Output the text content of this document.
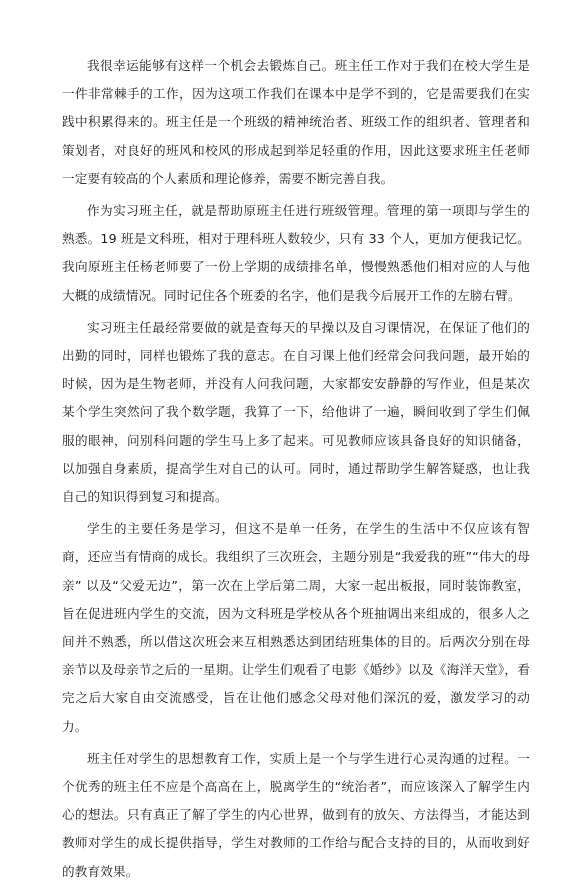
我很幸运能够有这样一个机会去锻炼自己。班主任工作对于我们在校大学生是一件非常棘手的工作，因为这项工作我们在课本中是学不到的，它是需要我们在实践中积累得来的。班主任是一个班级的精神统治者、班级工作的组织者、管理者和策划者，对良好的班风和校风的形成起到举足轻重的作用，因此这要求班主任老师一定要有较高的个人素质和理论修养，需要不断完善自我。

作为实习班主任，就是帮助原班主任进行班级管理。管理的第一项即与学生的熟悉。19 班是文科班，相对于理科班人数较少，只有 33 个人，更加方便我记忆。我向原班主任杨老师要了一份上学期的成绩排名单，慢慢熟悉他们相对应的人与他大概的成绩情况。同时记住各个班委的名字，他们是我今后展开工作的左膀右臂。

实习班主任最经常要做的就是查每天的早操以及自习课情况，在保证了他们的出勤的同时，同样也锻炼了我的意志。在自习课上他们经常会问我问题，最开始的时候，因为是生物老师，并没有人问我问题，大家都安安静静的写作业，但是某次某个学生突然问了我个数学题，我算了一下，给他讲了一遍，瞬间收到了学生们佩服的眼神，问别科问题的学生马上多了起来。可见教师应该具备良好的知识储备，以加强自身素质，提高学生对自己的认可。同时，通过帮助学生解答疑惑，也让我自己的知识得到复习和提高。

学生的主要任务是学习，但这不是单一任务，在学生的生活中不仅应该有智商，还应当有情商的成长。我组织了三次班会，主题分别是“我爱我的班”“伟大的母亲” 以及“父爱无边”，第一次在上学后第二周，大家一起出板报，同时装饰教室，旨在促进班内学生的交流，因为文科班是学校从各个班抽调出来组成的，很多人之间并不熟悉，所以借这次班会来互相熟悉达到团结班集体的目的。后两次分别在母亲节以及母亲节之后的一星期。让学生们观看了电影《婚纱》以及《海洋天堂》，看完之后大家自由交流感受，旨在让他们感念父母对他们深沉的爱，激发学习的动力。

班主任对学生的思想教育工作，实质上是一个与学生进行心灵沟通的过程。一个优秀的班主任不应是个高高在上，脱离学生的“统治者”，而应该深入了解学生内心的想法。只有真正了解了学生的内心世界，做到有的放矢、方法得当，才能达到教师对学生的成长提供指导，学生对教师的工作给与配合支持的目的，从而收到好的教育效果。
